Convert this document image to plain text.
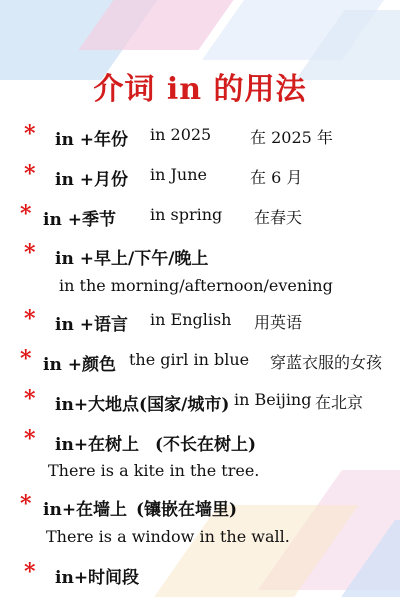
介词 in 的用法
* in +年份 in 2025 在 2025 年
* in +月份 in June	在 6 月
* in +季节 in spring 在春天
* in +早上/下午/晚上
in the morning/afternoon/evening
* in +语言 in English 用英语
* in +颜色 the girl in blue 穿蓝衣服的女孩
* in+大地点(国家/城市) in Beijing 在北京
* in+在树上 (不长在树上)
There is a kite in the tree.
* in+在墙上 (镶嵌在墙里)
There is a window in the wall.
* in+时间段
